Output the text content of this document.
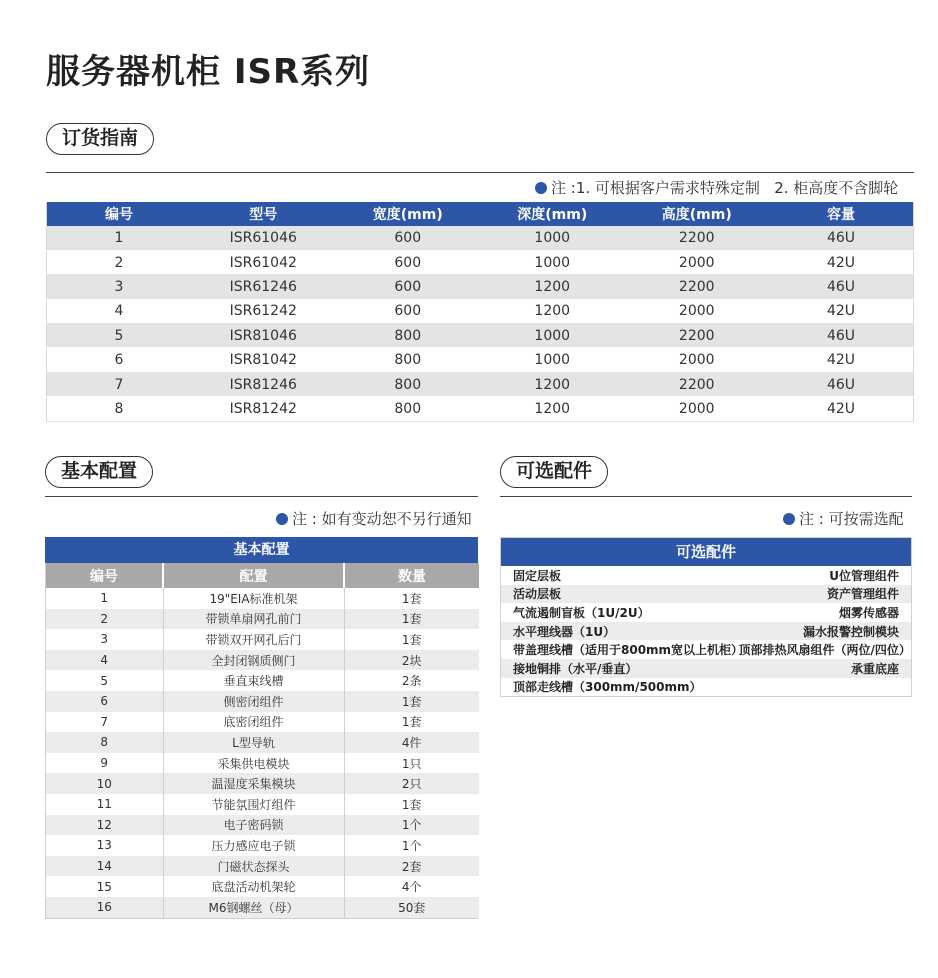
服务器机柜 ISR系列
订货指南
注 :1. 可根据客户需求特殊定制   2. 柜高度不含脚轮
编号	型号	宽度(mm)	深度(mm)	高度(mm)	容量
1	ISR61046	600	1000	2200	46U
2	ISR61042	600	1000	2000	42U
3	ISR61246	600	1200	2200	46U
4	ISR61242	600	1200	2000	42U
5	ISR81046	800	1000	2200	46U
6	ISR81042	800	1000	2000	42U
7	ISR81246	800	1200	2200	46U
8	ISR81242	800	1200	2000	42U
基本配置
注 : 如有变动恕不另行通知
基本配置
编号	配置	数量
1	19"EIA标准机架	1套
2	带锁单扇网孔前门	1套
3	带锁双开网孔后门	1套
4	全封闭钢质侧门	2块
5	垂直束线槽	2条
6	侧密闭组件	1套
7	底密闭组件	1套
8	L型导轨	4件
9	采集供电模块	1只
10	温湿度采集模块	2只
11	节能氛围灯组件	1套
12	电子密码锁	1个
13	压力感应电子锁	1个
14	门磁状态探头	2套
15	底盘活动机架轮	4个
16	M6钢螺丝（母）	50套
可选配件
注 : 可按需选配
可选配件
固定层板	U位管理组件
活动层板	资产管理组件
气流遏制盲板（1U/2U）	烟雾传感器
水平理线器（1U）	漏水报警控制模块
带盖理线槽（适用于800mm宽以上机柜）	顶部排热风扇组件（两位/四位）
接地铜排（水平/垂直）	承重底座
顶部走线槽（300mm/500mm）	
